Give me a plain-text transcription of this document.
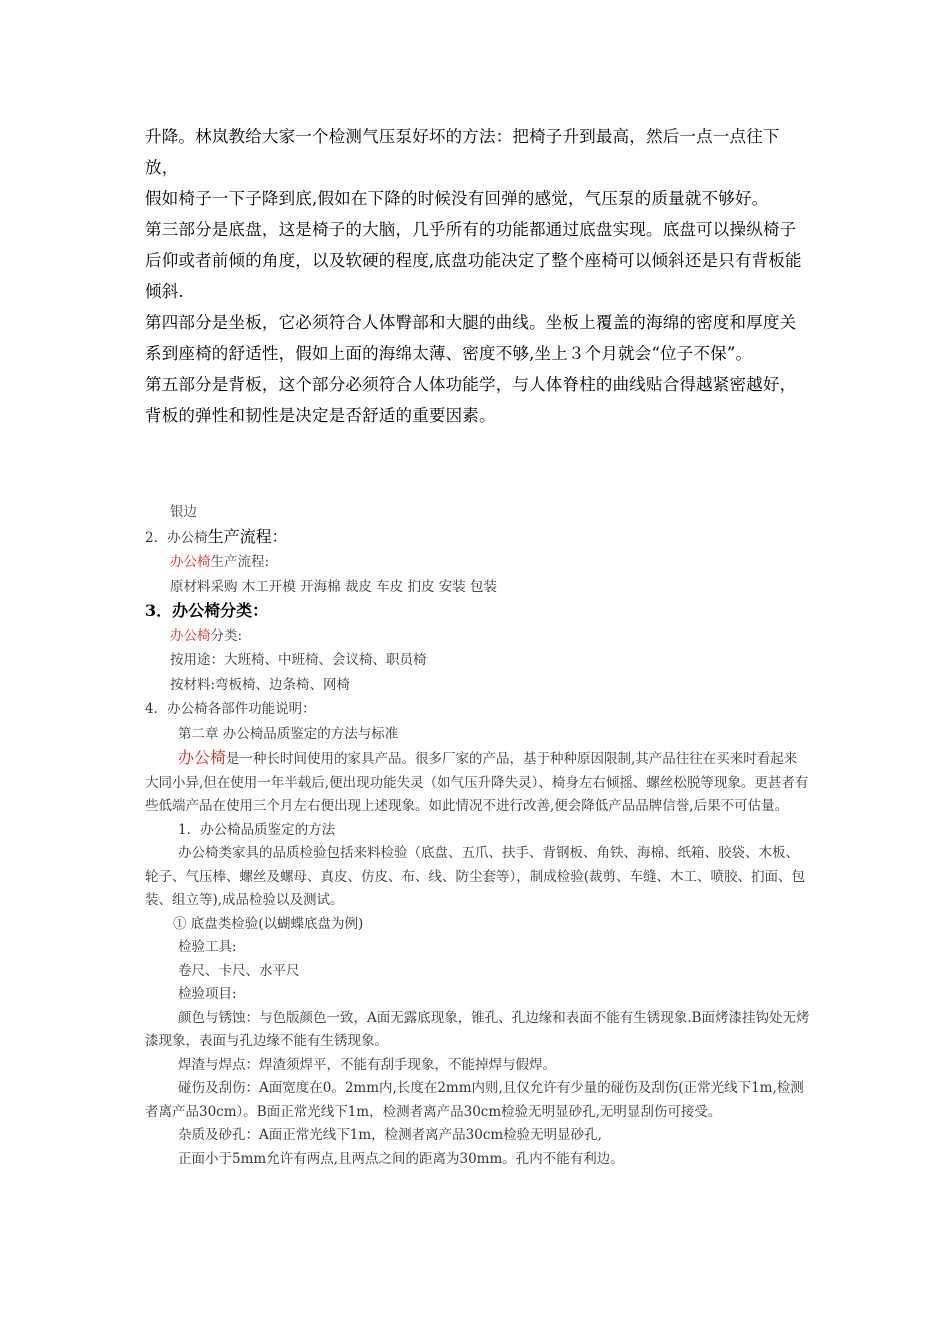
升降。林岚教给大家一个检测气压泵好坏的方法：把椅子升到最高，然后一点一点往下放，

假如椅子一下子降到底,假如在下降的时候没有回弹的感觉，气压泵的质量就不够好。

第三部分是底盘，这是椅子的大脑，几乎所有的功能都通过底盘实现。底盘可以操纵椅子后仰或者前倾的角度，以及软硬的程度,底盘功能决定了整个座椅可以倾斜还是只有背板能倾斜.

第四部分是坐板，它必须符合人体臀部和大腿的曲线。坐板上覆盖的海绵的密度和厚度关系到座椅的舒适性，假如上面的海绵太薄、密度不够,坐上３个月就会“位子不保”。

第五部分是背板，这个部分必须符合人体功能学，与人体脊柱的曲线贴合得越紧密越好，背板的弹性和韧性是决定是否舒适的重要因素。

银边
2．办公椅生产流程：
办公椅生产流程:
原材料采购 木工开模 开海棉 裁皮 车皮 扪皮 安装 包装
3．办公椅分类：
办公椅分类:
按用途：大班椅、中班椅、会议椅、职员椅
按材料:弯板椅、边条椅、网椅
4．办公椅各部件功能说明：
第二章 办公椅品质鉴定的方法与标准
办公椅是一种长时间使用的家具产品。很多厂家的产品，基于种种原因限制,其产品往往在买来时看起来大同小异,但在使用一年半载后,便出现功能失灵（如气压升降失灵）、椅身左右倾摇、螺丝松脱等现象。更甚者有些低端产品在使用三个月左右便出现上述现象。如此情况不进行改善,便会降低产品品牌信誉,后果不可估量。
1．办公椅品质鉴定的方法
办公椅类家具的品质检验包括来料检验（底盘、五爪、扶手、背钢板、角铁、海棉、纸箱、胶袋、木板、轮子、气压棒、螺丝及螺母、真皮、仿皮、布、线、防尘套等），制成检验(裁剪、车缝、木工、喷胶、扪面、包装、组立等),成品检验以及测试。
① 底盘类检验(以蝴蝶底盘为例)
检验工具:
卷尺、卡尺、水平尺
检验项目:
颜色与锈蚀：与色版颜色一致，A面无露底现象，锥孔、孔边缘和表面不能有生锈现象.B面烤漆挂钩处无烤漆现象，表面与孔边缘不能有生锈现象。
焊渣与焊点：焊渣须焊平，不能有刮手现象，不能掉焊与假焊。
碰伤及刮伤：A面宽度在0。2mm内,长度在2mm内则,且仅允许有少量的碰伤及刮伤(正常光线下1m,检测者离产品30cm）。B面正常光线下1m，检测者离产品30cm检验无明显砂孔,无明显刮伤可接受。
杂质及砂孔：A面正常光线下1m，检测者离产品30cm检验无明显砂孔,
正面小于5mm允许有两点,且两点之间的距离为30mm。孔内不能有利边。
